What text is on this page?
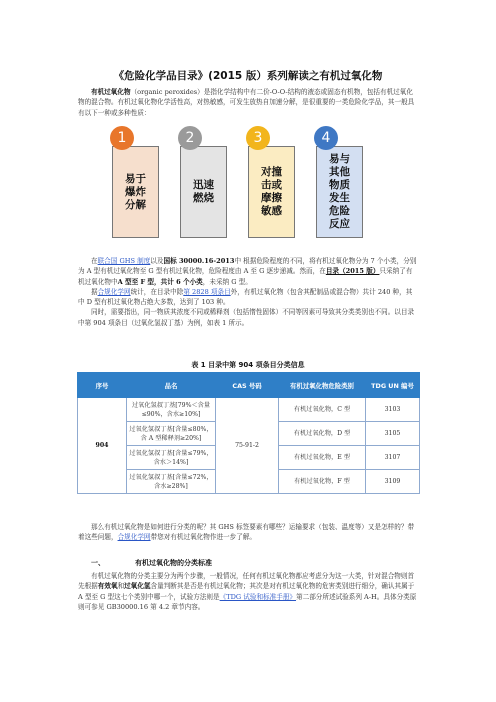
《危险化学品目录》(2015 版）系列解读之有机过氧化物

有机过氧化物（organic peroxides）是指化学结构中有二价-O-O-结构的液态或固态有机物，包括有机过氧化物的混合物。有机过氧化物化学活性高，对热敏感，可发生放热自加速分解，是很重要的一类危险化学品，其一般具有以下一种或多种性质：

易于爆炸分解
1
迅速燃烧
2
对撞击或摩擦敏感
3
易与其他物质发生危险反应
4

在联合国 GHS 制度以及国标 30000.16-2013中 根据危险程度的不同，将有机过氧化物分为 7 个小类，分别为 A 型有机过氧化物至 G 型有机过氧化物，危险程度由 A 至 G 逐步递减。然而，在目录（2015 版）只采纳了有机过氧化物中A 型至 F 型，共计 6 个小类，未采纳 G 型。

据合规化学网统计，在目录中除第 2828 项条目外，有机过氧化物（包含其配制品或混合物）共计 240 种，其中 D 型有机过氧化物占绝大多数，达到了 103 种。

同时，需要指出，同一物质其浓度不同或稀释剂（包括惰性固体）不同等因素可导致其分类类别也不同。以目录中第 904 项条目（过氧化氢叔丁基）为例，如表 1 所示。

表 1 目录中第 904 项条目分类信息
序号	品名	CAS 号码	有机过氧化物危险类别	TDG UN 编号
904	过氧化氢叔丁基[79%＜含量≤90%，含水≥10%]	75-91-2	有机过氧化物，C 型	3103
	过氧化氢叔丁基[含量≤80%，含 A 型稀释剂≥20%]		有机过氧化物，D 型	3105
	过氧化氢叔丁基[含量≤79%，含水＞14%]		有机过氧化物，E 型	3107
	过氧化氢叔丁基[含量≤72%，含水≥28%]		有机过氧化物，F 型	3109

那么有机过氧化物是如何进行分类的呢？其 GHS 标签要素有哪些？运输要求（包装、温度等）又是怎样的？带着这些问题，合规化学网带您对有机过氧化物作进一步了解。

一、	有机过氧化物的分类标准

有机过氧化物的分类主要分为两个步骤，一般情况，任何有机过氧化物都应考虑分为这一大类，针对混合物则首先根据有效氧和过氧化氢含量判断其是否是有机过氧化物；其次是对有机过氧化物的危害类别进行细分，确认其属于 A 型至 G 型这七个类别中哪一个，试验方法则是《TDG 试验和标准手册》第二部分所述试验系列 A-H。具体分类原则可参见 GB30000.16 第 4.2 章节内容。
